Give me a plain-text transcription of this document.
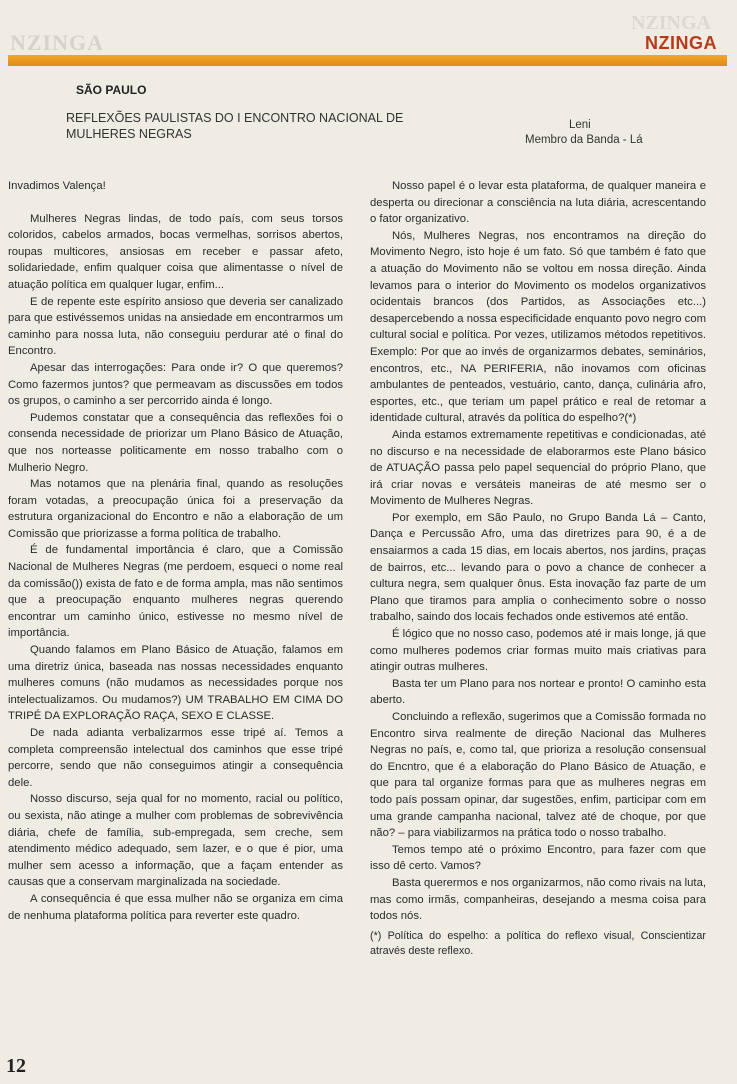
NZINGA
NZINGA
NZINGA
SÃO PAULO
REFLEXÕES PAULISTAS DO I ENCONTRO NACIONAL DE MULHERES NEGRAS
Leni
Membro da Banda - Lá

Invadimos Valença!

Mulheres Negras lindas, de todo país, com seus torsos coloridos, cabelos armados, bocas vermelhas, sorrisos abertos, roupas multicores, ansiosas em receber e passar afeto, solidariedade, enfim qualquer coisa que alimentasse o nível de atuação política em qualquer lugar, enfim...

E de repente este espírito ansioso que deveria ser canalizado para que estivéssemos unidas na ansiedade em encontrarmos um caminho para nossa luta, não conseguiu perdurar até o final do Encontro.

Apesar das interrogações: Para onde ir? O que queremos? Como fazermos juntos? que permeavam as discussões em todos os grupos, o caminho a ser percorrido ainda é longo.

Pudemos constatar que a consequência das reflexões foi o consenda necessidade de priorizar um Plano Básico de Atuação, que nos norteasse politicamente em nosso trabalho com o Mulherio Negro.

Mas notamos que na plenária final, quando as resoluções foram votadas, a preocupação única foi a preservação da estrutura organizacional do Encontro e não a elaboração de um Comissão que priorizasse a forma política de trabalho.

É de fundamental importância é claro, que a Comissão Nacional de Mulheres Negras (me perdoem, esqueci o nome real da comissão()) exista de fato e de forma ampla, mas não sentimos que a preocupação enquanto mulheres negras querendo encontrar um caminho único, estivesse no mesmo nível de importância.

Quando falamos em Plano Básico de Atuação, falamos em uma diretriz única, baseada nas nossas necessidades enquanto mulheres comuns (não mudamos as necessidades porque nos intelectualizamos. Ou mudamos?) UM TRABALHO EM CIMA DO TRIPÉ DA EXPLORAÇÃO RAÇA, SEXO E CLASSE.

De nada adianta verbalizarmos esse tripé aí. Temos a completa compreensão intelectual dos caminhos que esse tripé percorre, sendo que não conseguimos atingir a consequência dele.

Nosso discurso, seja qual for no momento, racial ou político, ou sexista, não atinge a mulher com problemas de sobrevivência diária, chefe de família, sub-empregada, sem creche, sem atendimento médico adequado, sem lazer, e o que é pior, uma mulher sem acesso a informação, que a façam entender as causas que a conservam marginalizada na sociedade.

A consequência é que essa mulher não se organiza em cima de nenhuma plataforma política para reverter este quadro.

Nosso papel é o levar esta plataforma, de qualquer maneira e desperta ou direcionar a consciência na luta diária, acrescentando o fator organizativo.

Nós, Mulheres Negras, nos encontramos na direção do Movimento Negro, isto hoje é um fato. Só que também é fato que a atuação do Movimento não se voltou em nossa direção. Ainda levamos para o interior do Movimento os modelos organizativos ocidentais brancos (dos Partidos, as Associações etc...) desapercebendo a nossa especificidade enquanto povo negro com cultural social e política. Por vezes, utilizamos métodos repetitivos. Exemplo: Por que ao invés de organizarmos debates, seminários, encontros, etc., NA PERIFERIA, não inovamos com oficinas ambulantes de penteados, vestuário, canto, dança, culinária afro, esportes, etc., que teriam um papel prático e real de retomar a identidade cultural, através da política do espelho?(*)

Ainda estamos extremamente repetitivas e condicionadas, até no discurso e na necessidade de elaborarmos este Plano básico de ATUAÇÃO passa pelo papel sequencial do próprio Plano, que irá criar novas e versáteis maneiras de até mesmo ser o Movimento de Mulheres Negras.

Por exemplo, em São Paulo, no Grupo Banda Lá – Canto, Dança e Percussão Afro, uma das diretrizes para 90, é a de ensaiarmos a cada 15 dias, em locais abertos, nos jardins, praças de bairros, etc... levando para o povo a chance de conhecer a cultura negra, sem qualquer ônus. Esta inovação faz parte de um Plano que tiramos para amplia o conhecimento sobre o nosso trabalho, saindo dos locais fechados onde estivemos até então.

É lógico que no nosso caso, podemos até ir mais longe, já que como mulheres podemos criar formas muito mais criativas para atingir outras mulheres.

Basta ter um Plano para nos nortear e pronto! O caminho esta aberto.

Concluindo a reflexão, sugerimos que a Comissão formada no Encontro sirva realmente de direção Nacional das Mulheres Negras no país, e, como tal, que prioriza a resolução consensual do Encntro, que é a elaboração do Plano Básico de Atuação, e que para tal organize formas para que as mulheres negras em todo país possam opinar, dar sugestões, enfim, participar com em uma grande campanha nacional, talvez até de choque, por que não? – para viabilizarmos na prática todo o nosso trabalho.

Temos tempo até o próximo Encontro, para fazer com que isso dê certo. Vamos?

Basta querermos e nos organizarmos, não como rivais na luta, mas como irmãs, companheiras, desejando a mesma coisa para todos nós.

(*) Política do espelho: a política do reflexo visual, Conscientizar através deste reflexo.

12
